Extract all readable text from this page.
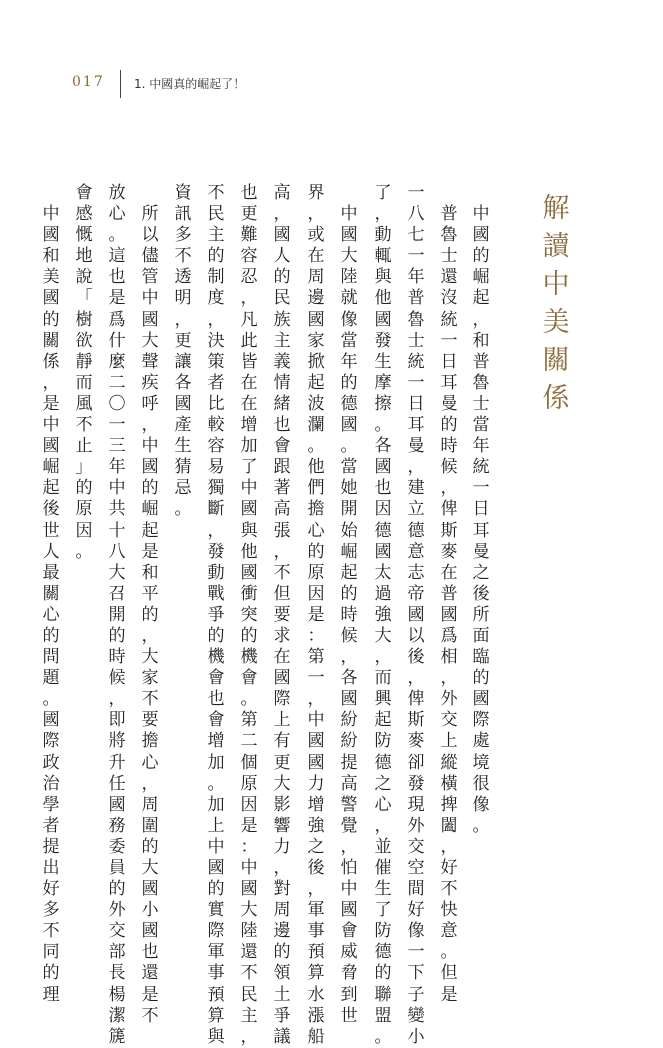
017 1. 中國真的崛起了！
解
讀
中
美
關
係
中
國
的
崛
起
，
和
普
魯
士
當
年
統
一
日
耳
曼
之
後
所
面
臨
的
國
際
處
境
很
像
。
普
魯
士
還
沒
統
一
日
耳
曼
的
時
候
，
俾
斯
麥
在
普
國
爲
相
，
外
交
上
縱
橫
捭
闔
，
好
不
快
意
。
但
是
一
八
七
一
年
普
魯
士
統
一
日
耳
曼
，
建
立
德
意
志
帝
國
以
後
，
俾
斯
麥
卻
發
現
外
交
空
間
好
像
一
下
子
變
小
了
，
動
輒
與
他
國
發
生
摩
擦
。
各
國
也
因
德
國
太
過
強
大
，
而
興
起
防
德
之
心
，
並
催
生
了
防
德
的
聯
盟
。
中
國
大
陸
就
像
當
年
的
德
國
。
當
她
開
始
崛
起
的
時
候
，
各
國
紛
紛
提
高
警
覺
，
怕
中
國
會
威
脅
到
世
界
，
或
在
周
邊
國
家
掀
起
波
瀾
。
他
們
擔
心
的
原
因
是
：
第
一
，
中
國
國
力
增
強
之
後
，
軍
事
預
算
水
漲
船
高
，
國
人
的
民
族
主
義
情
緒
也
會
跟
著
高
張
，
不
但
要
求
在
國
際
上
有
更
大
影
響
力
，
對
周
邊
的
領
土
爭
議
也
更
難
容
忍
，
凡
此
皆
在
在
增
加
了
中
國
與
他
國
衝
突
的
機
會
。
第
二
個
原
因
是
：
中
國
大
陸
還
不
民
主
，
不
民
主
的
制
度
，
決
策
者
比
較
容
易
獨
斷
，
發
動
戰
爭
的
機
會
也
會
增
加
。
加
上
中
國
的
實
際
軍
事
預
算
與
資
訊
多
不
透
明
，
更
讓
各
國
產
生
猜
忌
。
所
以
儘
管
中
國
大
聲
疾
呼
，
中
國
的
崛
起
是
和
平
的
，
大
家
不
要
擔
心
，
周
圍
的
大
國
小
國
也
還
是
不
放
心
。
這
也
是
爲
什
麼
二
〇
一
三
年
中
共
十
八
大
召
開
的
時
候
，
即
將
升
任
國
務
委
員
的
外
交
部
長
楊
潔
篪
會
感
慨
地
說
「
樹
欲
靜
而
風
不
止
」
的
原
因
。
中
國
和
美
國
的
關
係
，
是
中
國
崛
起
後
世
人
最
關
心
的
問
題
。
國
際
政
治
學
者
提
出
好
多
不
同
的
理
